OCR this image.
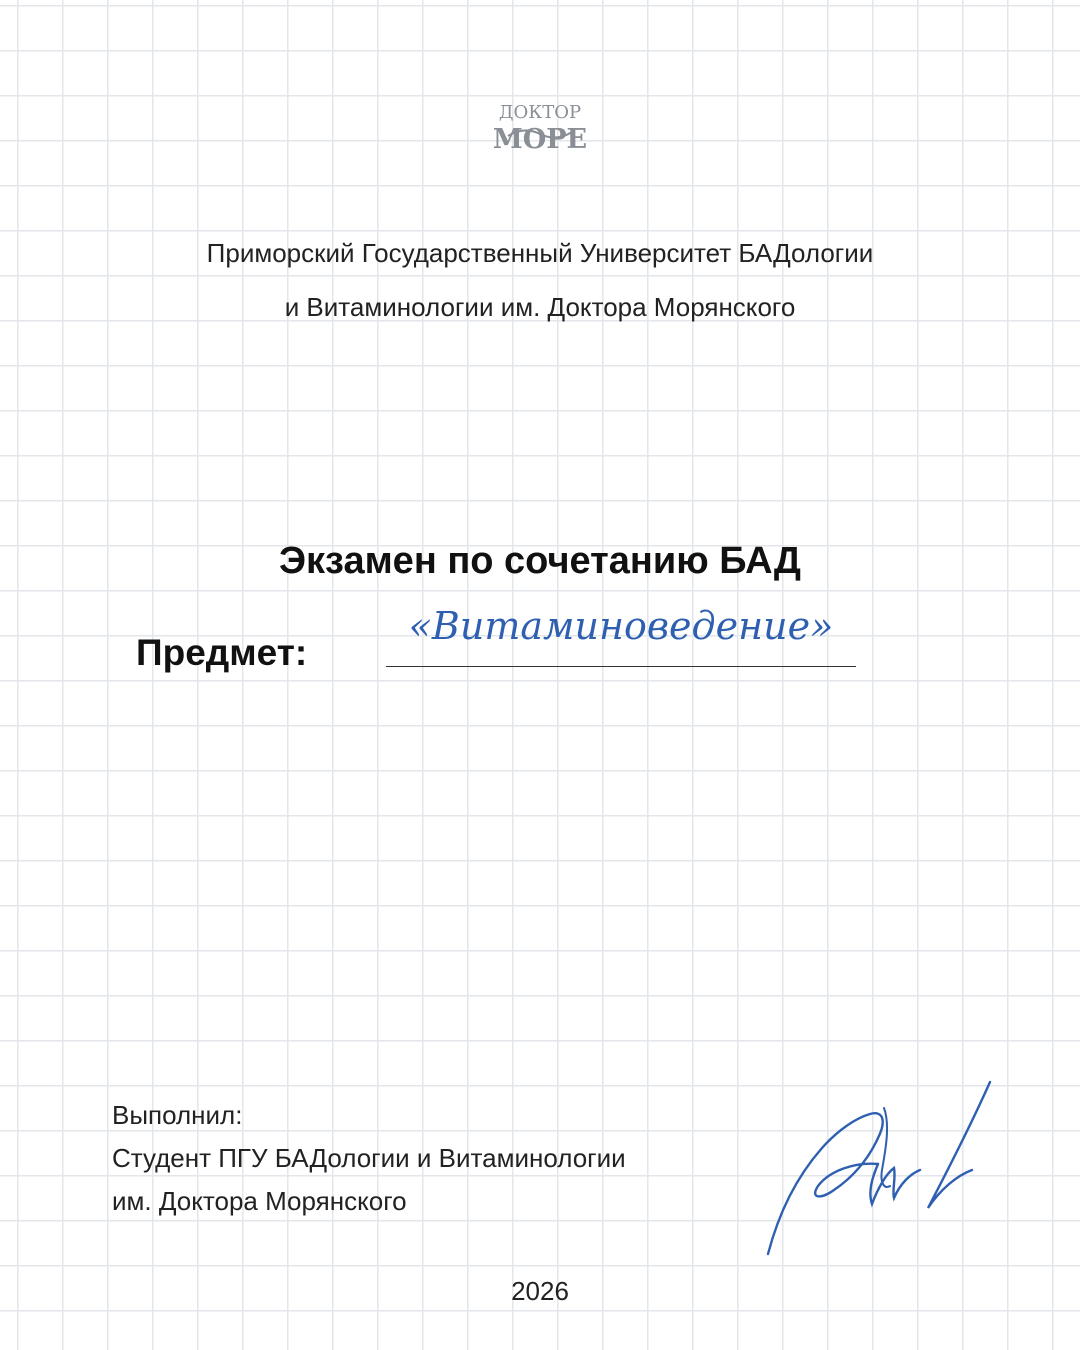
ДОКТОР
МОРЕ
Приморский Государственный Университет БАДологии
и Витаминологии им. Доктора Морянского
Экзамен по сочетанию БАД
Предмет:
«Витаминоведение»
Выполнил:
Студент ПГУ БАДологии и Витаминологии
им. Доктора Морянского
2026
